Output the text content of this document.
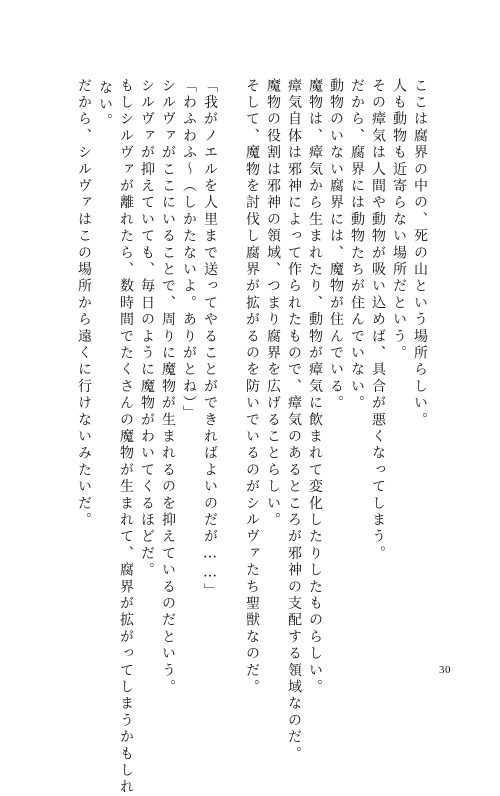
ここは腐界の中の、死の山という場所らしい。
人も動物も近寄らない場所だという。
その瘴気は人間や動物が吸い込めば、具合が悪くなってしまう。
だから、腐界には動物たちが住んでいない。
動物のいない腐界には、魔物が住んでいる。
魔物は、瘴気から生まれたり、動物が瘴気に飲まれて変化したりしたものらしい。
瘴気自体は邪神によって作られたもので、瘴気のあるところが邪神の支配する領域なのだ。
魔物の役割は邪神の領域、つまり腐界を広げることらしい。
そして、魔物を討伐し腐界が拡がるのを防いでいるのがシルヴァたち聖獣なのだ。
「我がノエルを人里まで送ってやることができればよいのだが……」
「わふわふ～（しかたないよ。ありがとね）」
シルヴァがここにいることで、周りに魔物が生まれるのを抑えているのだという。
シルヴァが抑えていても、毎日のように魔物がわいてくるほどだ。
もしシルヴァが離れたら、数時間でたくさんの魔物が生まれて、腐界が拡がってしまうかもしれ
ない。
だから、シルヴァはこの場所から遠くに行けないみたいだ。
30
